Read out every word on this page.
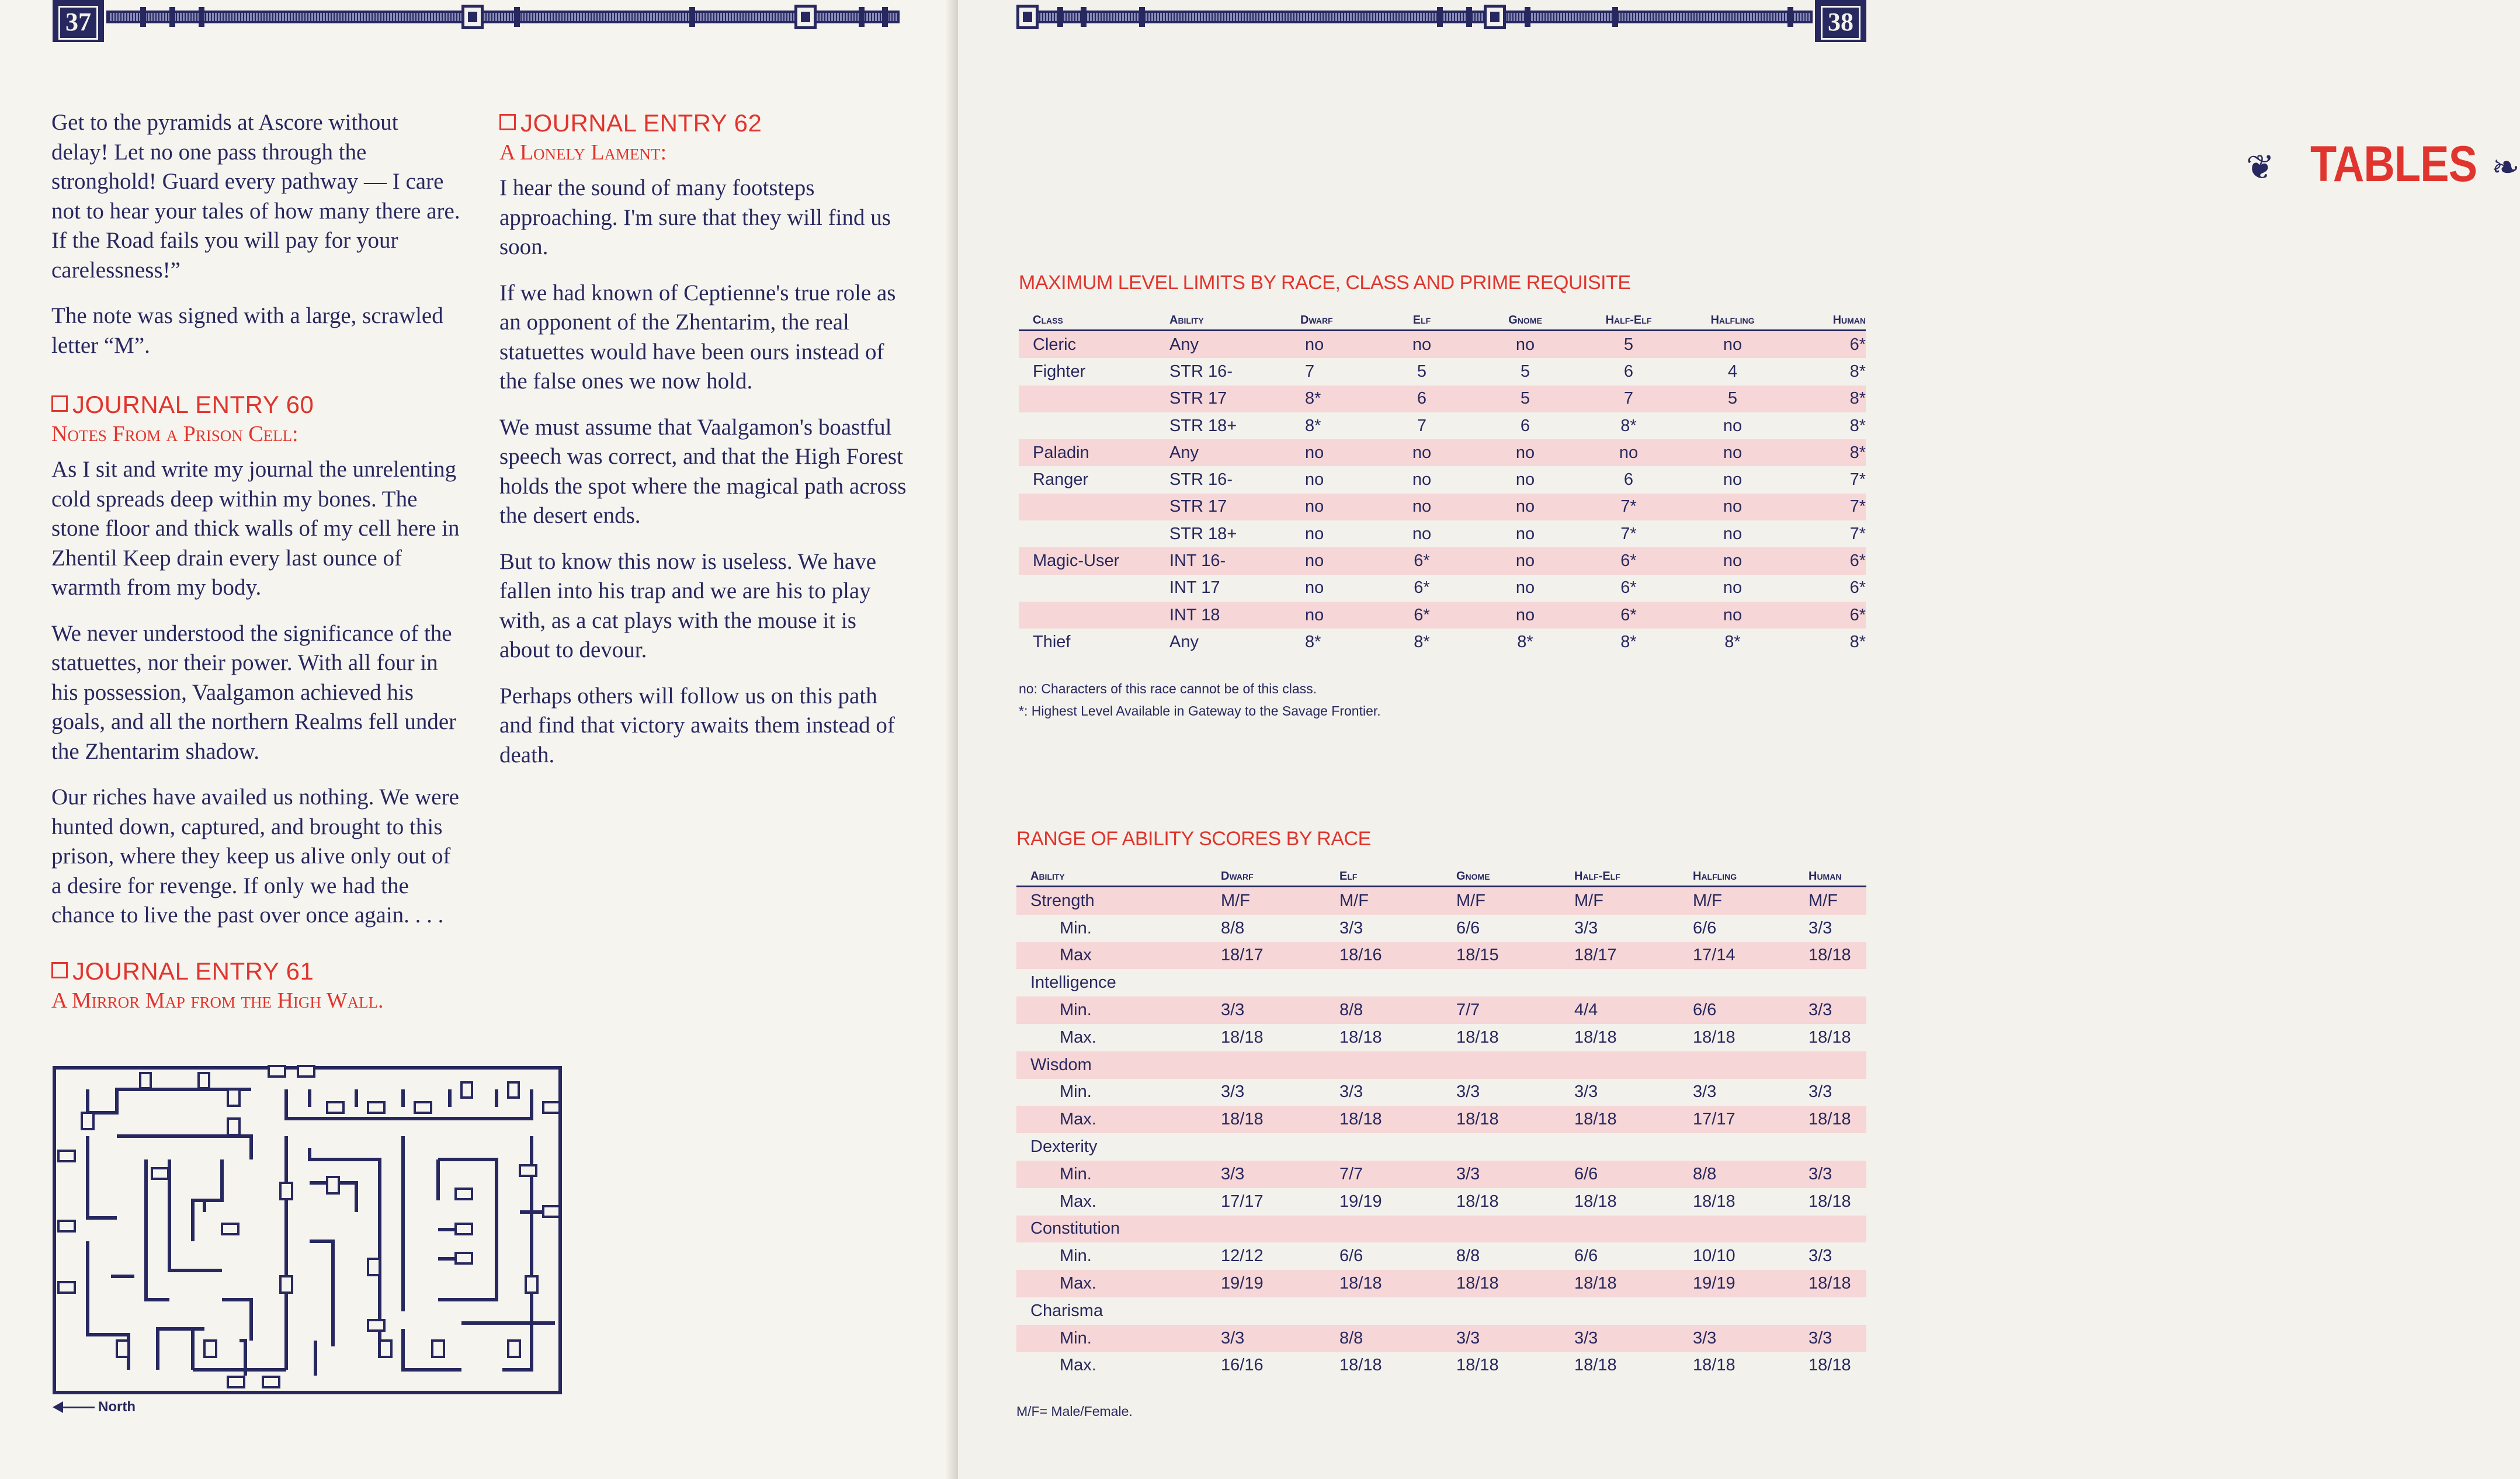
37

Get to the pyramids at Ascore without delay! Let no one pass through the stronghold! Guard every pathway — I care not to hear your tales of how many there are. If the Road fails you will pay for your carelessness!”

The note was signed with a large, scrawled letter “M”.

JOURNAL ENTRY 60
Notes From a Prison Cell:

As I sit and write my journal the unrelenting cold spreads deep within my bones. The stone floor and thick walls of my cell here in Zhentil Keep drain every last ounce of warmth from my body.

We never understood the significance of the statuettes, nor their power. With all four in his possession, Vaalgamon achieved his goals, and all the northern Realms fell under the Zhentarim shadow.

Our riches have availed us nothing. We were hunted down, captured, and brought to this prison, where they keep us alive only out of a desire for revenge. If only we had the chance to live the past over once again. . . .

JOURNAL ENTRY 61
A Mirror Map from the High Wall.
North
JOURNAL ENTRY 62
A Lonely Lament:

I hear the sound of many footsteps approaching. I'm sure that they will find us soon.

If we had known of Ceptienne's true role as an opponent of the Zhentarim, the real statuettes would have been ours instead of the false ones we now hold.

We must assume that Vaalgamon's boastful speech was correct, and that the High Forest holds the spot where the magical path across the desert ends.

But to know this now is useless. We have fallen into his trap and we are his to play with, as a cat plays with the mouse it is about to devour.

Perhaps others will follow us on this path and find that victory awaits them instead of death.

38
❦ TABLES ❧
MAXIMUM LEVEL LIMITS BY RACE, CLASS AND PRIME REQUISITE
Class	Ability	Dwarf	Elf	Gnome	Half-Elf	Halfling	Human
Cleric	Any	no	no	no	5	no	6*
Fighter	STR 16-	7	5	5	6	4	8*
	STR 17	8*	6	5	7	5	8*
	STR 18+	8*	7	6	8*	no	8*
Paladin	Any	no	no	no	no	no	8*
Ranger	STR 16-	no	no	no	6	no	7*
	STR 17	no	no	no	7*	no	7*
	STR 18+	no	no	no	7*	no	7*
Magic-User	INT 16-	no	6*	no	6*	no	6*
	INT 17	no	6*	no	6*	no	6*
	INT 18	no	6*	no	6*	no	6*
Thief	Any	8*	8*	8*	8*	8*	8*
no: Characters of this race cannot be of this class.
*: Highest Level Available in Gateway to the Savage Frontier.
RANGE OF ABILITY SCORES BY RACE
Ability	Dwarf	Elf	Gnome	Half-Elf	Halfling	Human
Strength	M/F	M/F	M/F	M/F	M/F	M/F
Min.	8/8	3/3	6/6	3/3	6/6	3/3
Max	18/17	18/16	18/15	18/17	17/14	18/18
Intelligence						
Min.	3/3	8/8	7/7	4/4	6/6	3/3
Max.	18/18	18/18	18/18	18/18	18/18	18/18
Wisdom						
Min.	3/3	3/3	3/3	3/3	3/3	3/3
Max.	18/18	18/18	18/18	18/18	17/17	18/18
Dexterity						
Min.	3/3	7/7	3/3	6/6	8/8	3/3
Max.	17/17	19/19	18/18	18/18	18/18	18/18
Constitution						
Min.	12/12	6/6	8/8	6/6	10/10	3/3
Max.	19/19	18/18	18/18	18/18	19/19	18/18
Charisma						
Min.	3/3	8/8	3/3	3/3	3/3	3/3
Max.	16/16	18/18	18/18	18/18	18/18	18/18
M/F= Male/Female.
